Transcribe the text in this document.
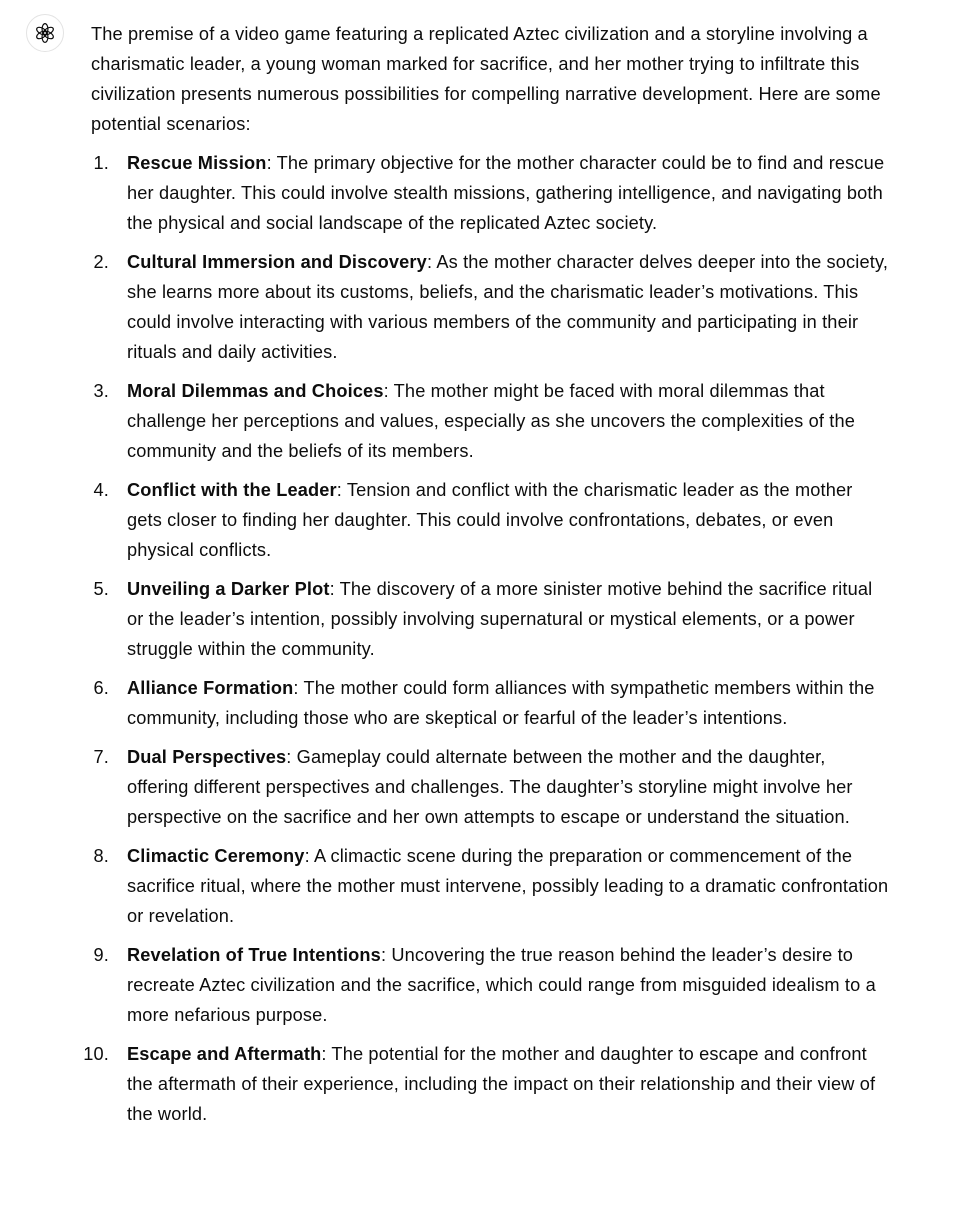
The premise of a video game featuring a replicated Aztec civilization and a storyline involving a charismatic leader, a young woman marked for sacrifice, and her mother trying to infiltrate this civilization presents numerous possibilities for compelling narrative development. Here are some potential scenarios:

1. Rescue Mission: The primary objective for the mother character could be to find and rescue her daughter. This could involve stealth missions, gathering intelligence, and navigating both the physical and social landscape of the replicated Aztec society.
2. Cultural Immersion and Discovery: As the mother character delves deeper into the society, she learns more about its customs, beliefs, and the charismatic leader’s motivations. This could involve interacting with various members of the community and participating in their rituals and daily activities.
3. Moral Dilemmas and Choices: The mother might be faced with moral dilemmas that challenge her perceptions and values, especially as she uncovers the complexities of the community and the beliefs of its members.
4. Conflict with the Leader: Tension and conflict with the charismatic leader as the mother gets closer to finding her daughter. This could involve confrontations, debates, or even physical conflicts.
5. Unveiling a Darker Plot: The discovery of a more sinister motive behind the sacrifice ritual or the leader’s intention, possibly involving supernatural or mystical elements, or a power struggle within the community.
6. Alliance Formation: The mother could form alliances with sympathetic members within the community, including those who are skeptical or fearful of the leader’s intentions.
7. Dual Perspectives: Gameplay could alternate between the mother and the daughter, offering different perspectives and challenges. The daughter’s storyline might involve her perspective on the sacrifice and her own attempts to escape or understand the situation.
8. Climactic Ceremony: A climactic scene during the preparation or commencement of the sacrifice ritual, where the mother must intervene, possibly leading to a dramatic confrontation or revelation.
9. Revelation of True Intentions: Uncovering the true reason behind the leader’s desire to recreate Aztec civilization and the sacrifice, which could range from misguided idealism to a more nefarious purpose.
10. Escape and Aftermath: The potential for the mother and daughter to escape and confront the aftermath of their experience, including the impact on their relationship and their view of the world.
